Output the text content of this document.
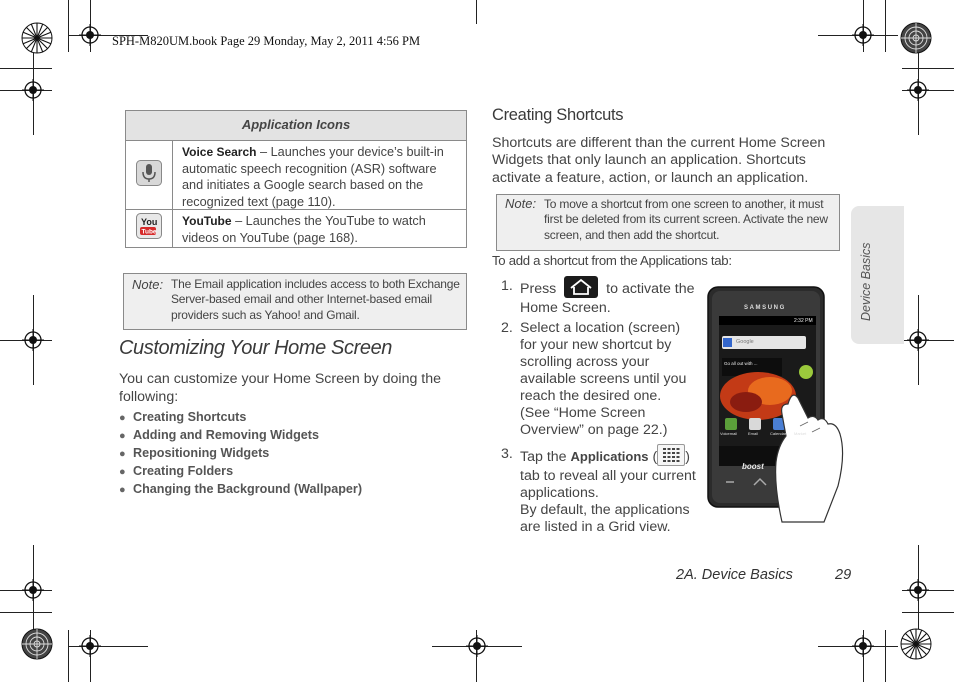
SPH-M820UM.book Page 29 Monday, May 2, 2011 4:56 PM
Application Icons
Voice Search – Launches your device’s built-in automatic speech recognition (ASR) software and initiates a Google search based on the recognized text (page 110).
You
Tube
YouTube – Launches the YouTube to watch videos on YouTube (page 168).
Note: The Email application includes access to both Exchange Server-based email and other Internet-based email providers such as Yahoo! and Gmail.
Customizing Your Home Screen
You can customize your Home Screen by doing the following:
● Creating Shortcuts
● Adding and Removing Widgets
● Repositioning Widgets
● Creating Folders
● Changing the Background (Wallpaper)
Creating Shortcuts
Shortcuts are different than the current Home Screen Widgets that only launch an application. Shortcuts activate a feature, action, or launch an application.
Note: To move a shortcut from one screen to another, it must first be deleted from its current screen. Activate the new screen, and then add the shortcut.
To add a shortcut from the Applications tab:
1. Press	to activate the
Home Screen.
2. Select a location (screen)
for your new shortcut by
scrolling across your
available screens until you
reach the desired one.
(See “Home Screen
Overview” on page 22.)
3. Tap the Applications ( )
tab to reveal all your current
applications.
By default, the applications
are listed in a Grid view.
SAMSUNG
2:32 PM
Google
Go all out with ...
Voicemail	Email	Calendar Market
boost
Device Basics
2A. Device Basics	29
